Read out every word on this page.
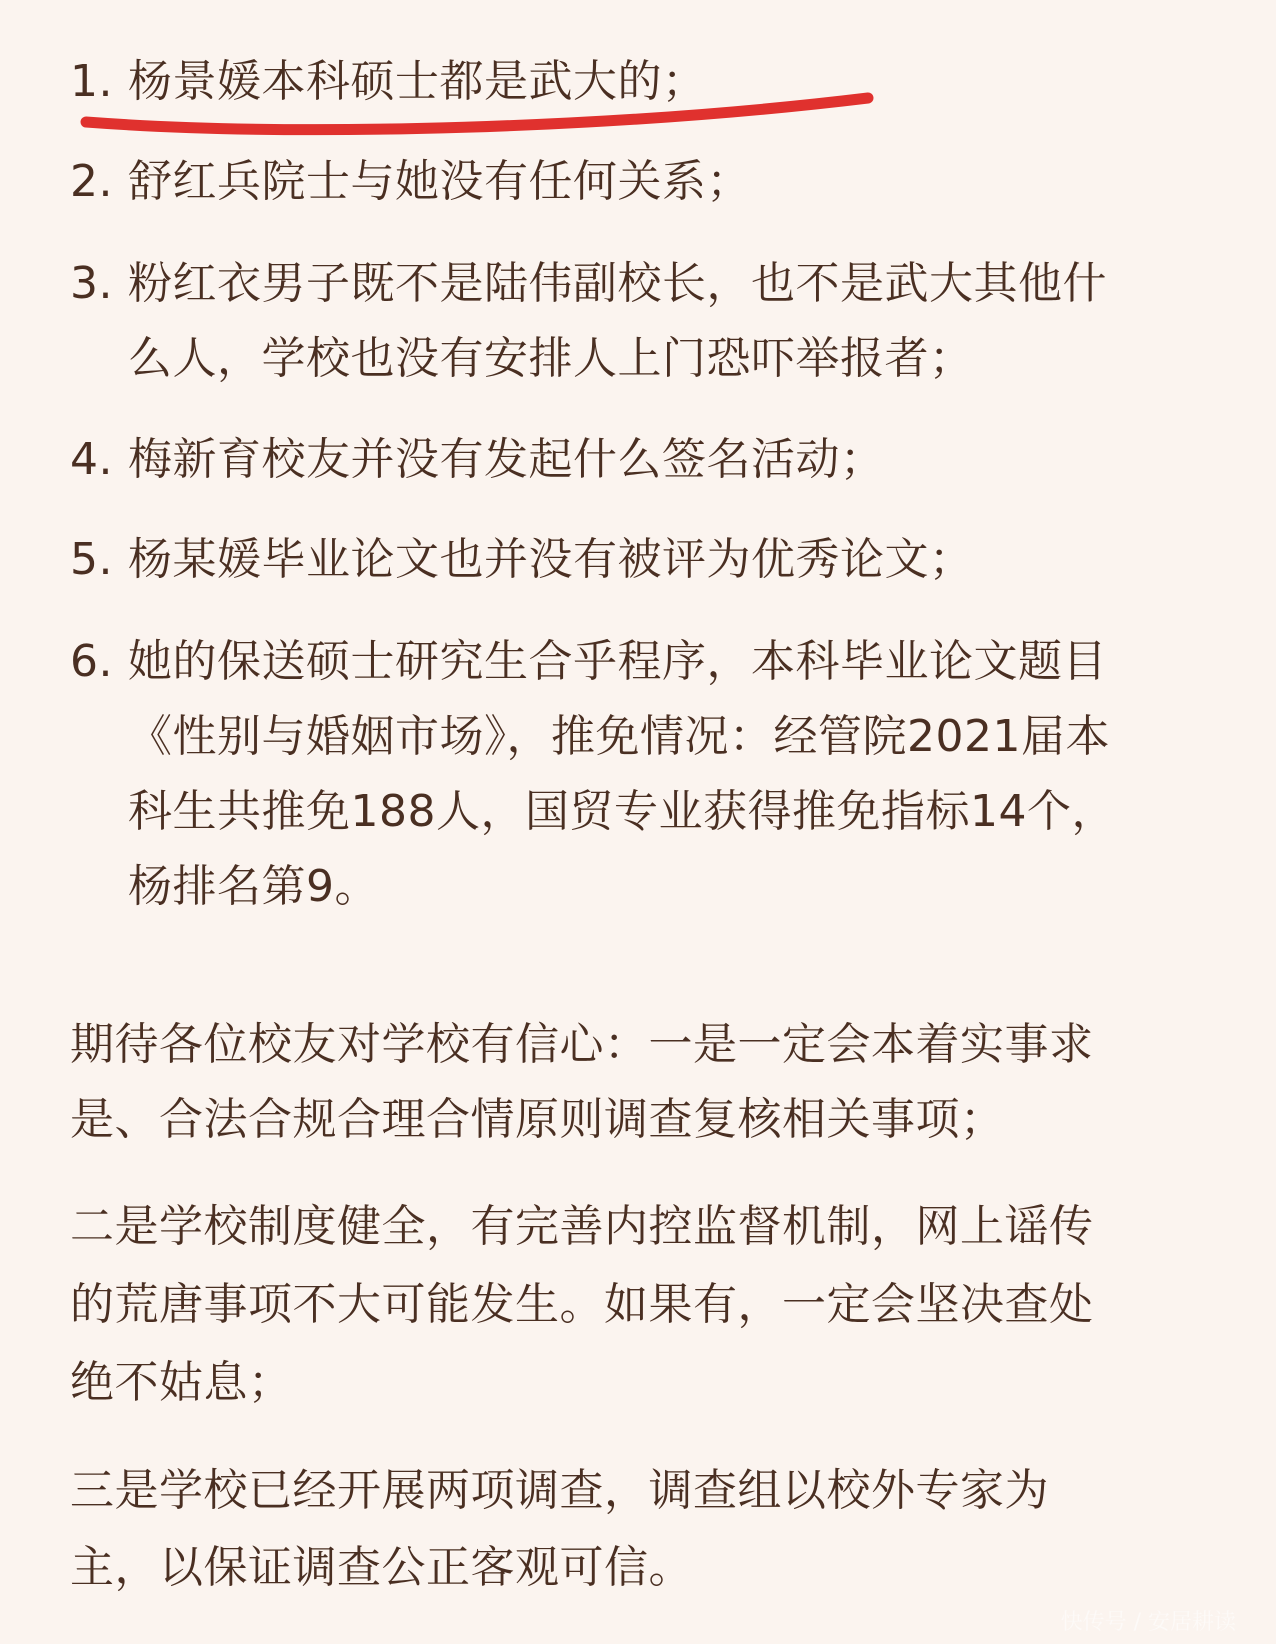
1. 杨景媛本科硕士都是武大的；
2. 舒红兵院士与她没有任何关系；
3. 粉红衣男子既不是陆伟副校长，也不是武大其他什
么人，学校也没有安排人上门恐吓举报者；
4. 梅新育校友并没有发起什么签名活动；
5. 杨某媛毕业论文也并没有被评为优秀论文；
6. 她的保送硕士研究生合乎程序，本科毕业论文题目
《性别与婚姻市场》，推免情况：经管院2021届本
科生共推免188人，国贸专业获得推免指标14个，
杨排名第9。
期待各位校友对学校有信心：一是一定会本着实事求
是、合法合规合理合情原则调查复核相关事项；
二是学校制度健全，有完善内控监督机制，网上谣传
的荒唐事项不大可能发生。如果有，一定会坚决查处
绝不姑息；
三是学校已经开展两项调查，调查组以校外专家为
主，以保证调查公正客观可信。
快传号 / 安居耕读
